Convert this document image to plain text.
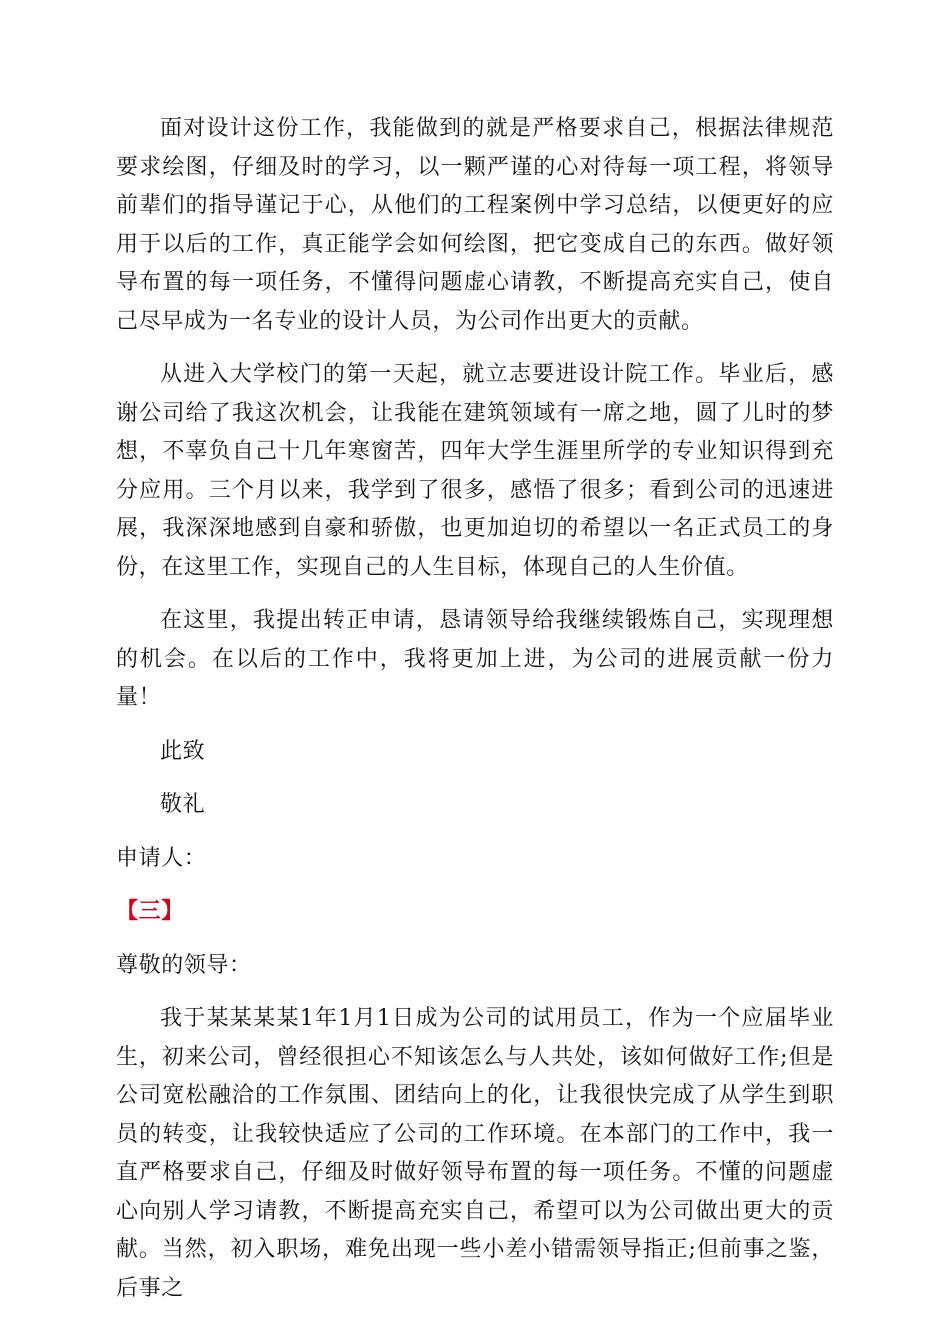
面对设计这份工作，我能做到的就是严格要求自己，根据法律规范要求绘图，仔细及时的学习，以一颗严谨的心对待每一项工程，将领导前辈们的指导谨记于心，从他们的工程案例中学习总结，以便更好的应用于以后的工作，真正能学会如何绘图，把它变成自己的东西。做好领导布置的每一项任务，不懂得问题虚心请教，不断提高充实自己，使自己尽早成为一名专业的设计人员，为公司作出更大的贡献。

从进入大学校门的第一天起，就立志要进设计院工作。毕业后，感谢公司给了我这次机会，让我能在建筑领域有一席之地，圆了儿时的梦想，不辜负自己十几年寒窗苦，四年大学生涯里所学的专业知识得到充分应用。三个月以来，我学到了很多，感悟了很多；看到公司的迅速进展，我深深地感到自豪和骄傲，也更加迫切的希望以一名正式员工的身份，在这里工作，实现自己的人生目标，体现自己的人生价值。

在这里，我提出转正申请，恳请领导给我继续锻炼自己，实现理想的机会。在以后的工作中，我将更加上进，为公司的进展贡献一份力量！

此致

敬礼

申请人：

【三】

尊敬的领导：

我于某某某某1年1月1日成为公司的试用员工，作为一个应届毕业生，初来公司，曾经很担心不知该怎么与人共处，该如何做好工作;但是公司宽松融洽的工作氛围、团结向上的化，让我很快完成了从学生到职员的转变，让我较快适应了公司的工作环境。在本部门的工作中，我一直严格要求自己，仔细及时做好领导布置的每一项任务。不懂的问题虚心向别人学习请教，不断提高充实自己，希望可以为公司做出更大的贡献。当然，初入职场，难免出现一些小差小错需领导指正;但前事之鉴，后事之
